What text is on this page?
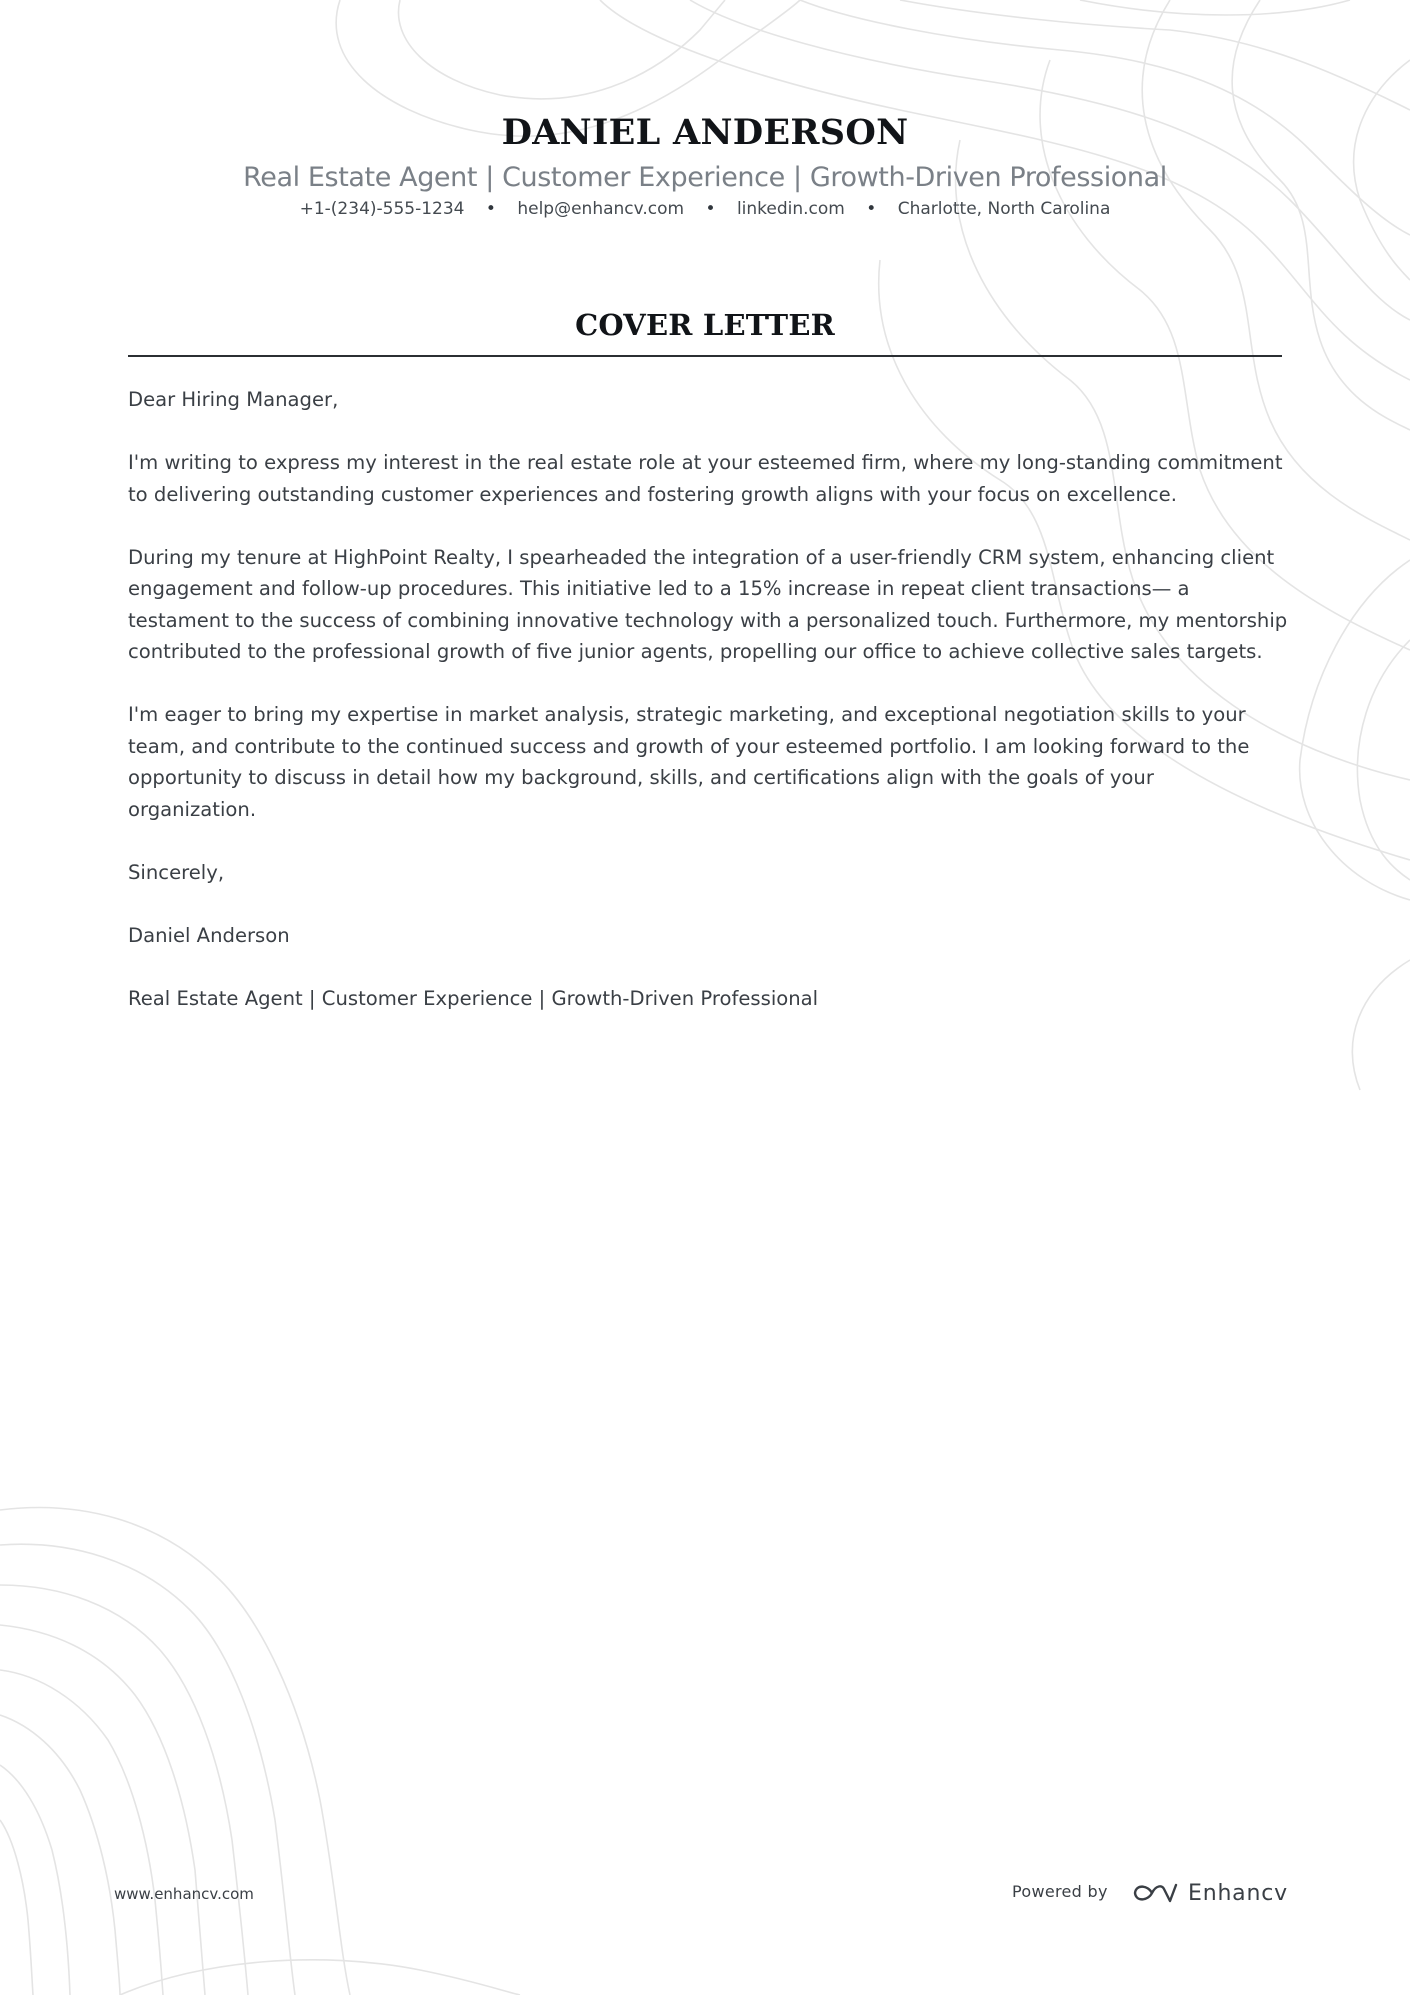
DANIEL ANDERSON
Real Estate Agent | Customer Experience | Growth-Driven Professional
+1-(234)-555-1234 • help@enhancv.com • linkedin.com • Charlotte, North Carolina
COVER LETTER

Dear Hiring Manager,

I'm writing to express my interest in the real estate role at your esteemed firm, where my long-standing commitment to delivering outstanding customer experiences and fostering growth aligns with your focus on excellence.

During my tenure at HighPoint Realty, I spearheaded the integration of a user-friendly CRM system, enhancing client engagement and follow-up procedures. This initiative led to a 15% increase in repeat client transactions— a testament to the success of combining innovative technology with a personalized touch. Furthermore, my mentorship contributed to the professional growth of five junior agents, propelling our office to achieve collective sales targets.

I'm eager to bring my expertise in market analysis, strategic marketing, and exceptional negotiation skills to your team, and contribute to the continued success and growth of your esteemed portfolio. I am looking forward to the opportunity to discuss in detail how my background, skills, and certifications align with the goals of your organization.

Sincerely,

Daniel Anderson

Real Estate Agent | Customer Experience | Growth-Driven Professional

www.enhancv.com	Powered by	Enhancv
